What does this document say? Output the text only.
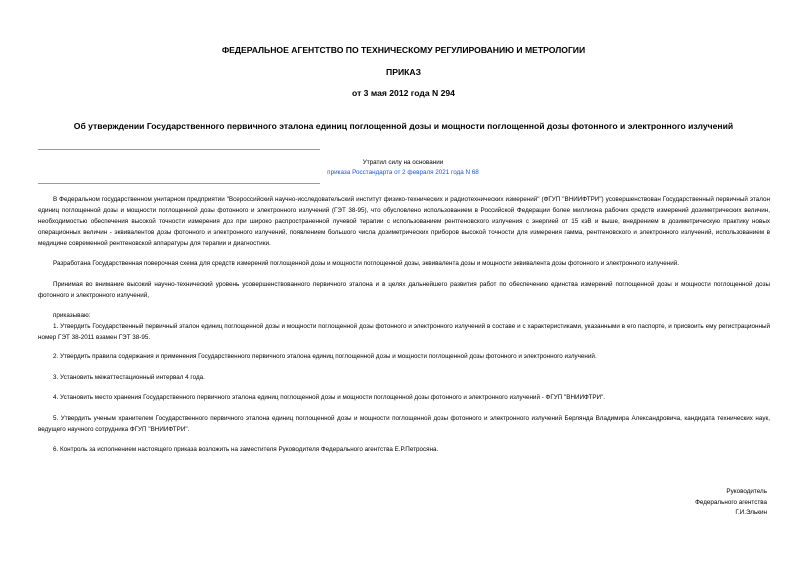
ФЕДЕРАЛЬНОЕ АГЕНТСТВО ПО ТЕХНИЧЕСКОМУ РЕГУЛИРОВАНИЮ И МЕТРОЛОГИИ
ПРИКАЗ
от 3 мая 2012 года N 294
Об утверждении Государственного первичного эталона единиц поглощенной дозы и мощности поглощенной дозы фотонного и электронного излучений
Утратил силу на основании
приказа Росстандарта от 2 февраля 2021 года N 68
В Федеральном государственном унитарном предприятии "Всероссийский научно-исследовательский институт физико-технических и радиотехнических измерений" (ФГУП "ВНИИФТРИ") усовершенствован Государственный первичный эталон единиц поглощенной дозы и мощности поглощенной дозы фотонного и электронного излучений (ГЭТ 38-95), что обусловлено использованием в Российской Федерации более миллиона рабочих средств измерений дозиметрических величин, необходимостью обеспечения высокой точности измерения доз при широко распространенной лучевой терапии с использованием рентгеновского излучения с энергией от 15 кэВ и выше, внедрением в дозиметрическую практику новых операционных величин - эквивалентов дозы фотонного и электронного излучений, появлением большого числа дозиметрических приборов высокой точности для измерения гамма, рентгеновского и электронного излучений, использованием в медицине современной рентгеновской аппаратуры для терапии и диагностики.
Разработана Государственная поверочная схема для средств измерений поглощенной дозы и мощности поглощенной дозы, эквивалента дозы и мощности эквивалента дозы фотонного и электронного излучений.
Принимая во внимание высокий научно-технический уровень усовершенствованного первичного эталона и в целях дальнейшего развития работ по обеспечению единства измерений поглощенной дозы и мощности поглощенной дозы фотонного и электронного излучений,
приказываю:
1. Утвердить Государственный первичный эталон единиц поглощенной дозы и мощности поглощенной дозы фотонного и электронного излучений в составе и с характеристиками, указанными в его паспорте, и присвоить ему регистрационный номер ГЭТ 38-2011 взамен ГЭТ 38-95.
2. Утвердить правила содержания и применения Государственного первичного эталона единиц поглощенной дозы и мощности поглощенной дозы фотонного и электронного излучений.
3. Установить межаттестационный интервал 4 года.
4. Установить место хранения Государственного первичного эталона единиц поглощенной дозы и мощности поглощенной дозы фотонного и электронного излучений - ФГУП "ВНИИФТРИ".
5. Утвердить ученым хранителем Государственного первичного эталона единиц поглощенной дозы и мощности поглощенной дозы фотонного и электронного излучений Берлянда Владимира Александровича, кандидата технических наук, ведущего научного сотрудника ФГУП "ВНИИФТРИ".
6. Контроль за исполнением настоящего приказа возложить на заместителя Руководителя Федерального агентства Е.Р.Петросяна.
Руководитель
Федерального агентства
Г.И.Элькин
